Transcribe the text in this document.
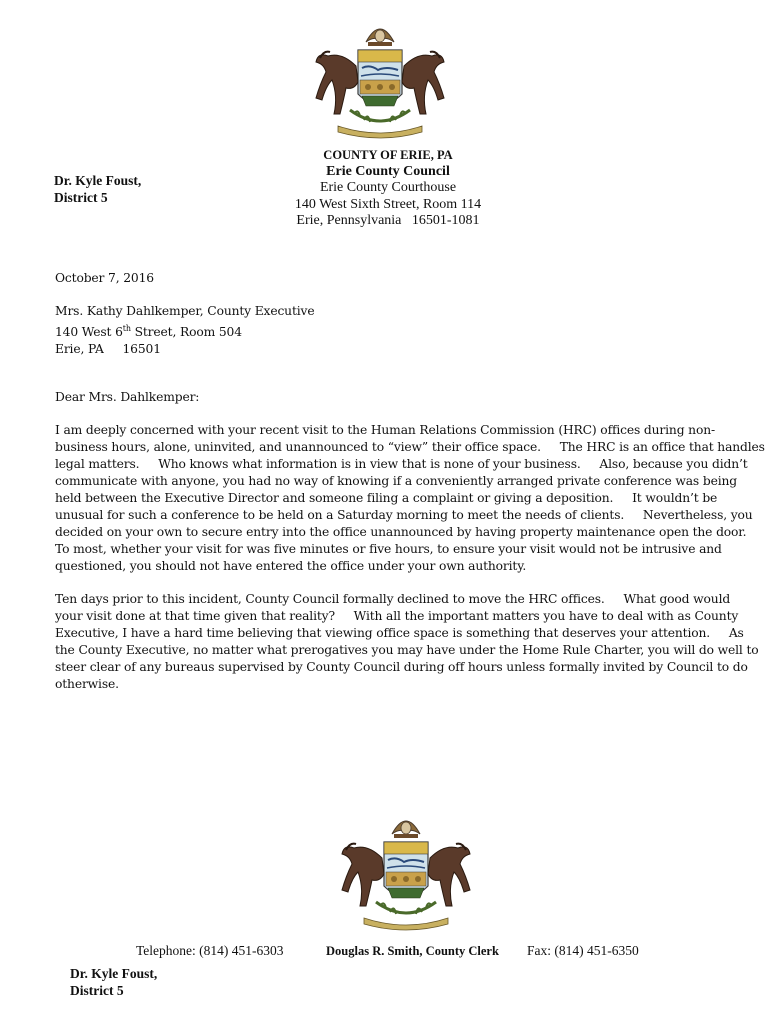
Dr. Kyle Foust,
District 5
COUNTY OF ERIE, PA
Erie County Council
Erie County Courthouse
140 West Sixth Street, Room 114
Erie, Pennsylvania   16501-1081
October 7, 2016
Mrs. Kathy Dahlkemper, County Executive
140 West 6th Street, Room 504
Erie, PA     16501
Dear Mrs. Dahlkemper:

I am deeply concerned with your recent visit to the Human Relations Commission (HRC) offices during non-

business hours, alone, uninvited, and unannounced to “view” their office space.     The HRC is an office that handles

legal matters.     Who knows what information is in view that is none of your business.     Also, because you didn’t

communicate with anyone, you had no way of knowing if a conveniently arranged private conference was being

held between the Executive Director and someone filing a complaint or giving a deposition.     It wouldn’t be

unusual for such a conference to be held on a Saturday morning to meet the needs of clients.     Nevertheless, you

decided on your own to secure entry into the office unannounced by having property maintenance open the door.

To most, whether your visit for was five minutes or five hours, to ensure your visit would not be intrusive and

questioned, you should not have entered the office under your own authority.

Ten days prior to this incident, County Council formally declined to move the HRC offices.     What good would

your visit done at that time given that reality?     With all the important matters you have to deal with as County

Executive, I have a hard time believing that viewing office space is something that deserves your attention.     As

the County Executive, no matter what prerogatives you may have under the Home Rule Charter, you will do well to

steer clear of any bureaus supervised by County Council during off hours unless formally invited by Council to do

otherwise.

Telephone: (814) 451-6303	Douglas R. Smith, County Clerk Fax: (814) 451-6350
Dr. Kyle Foust,
District 5
